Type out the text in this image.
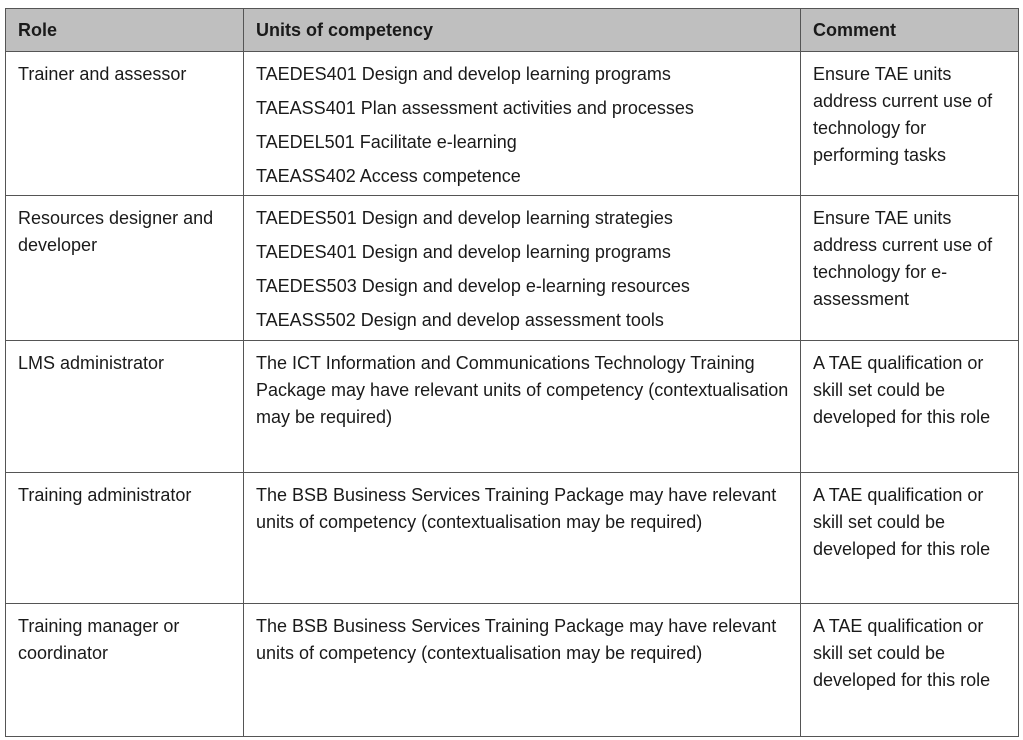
Role	Units of competency	Comment

Trainer and assessor	TAEDES401 Design and develop learning programs
TAEASS401 Plan assessment activities and processes
TAEDEL501 Facilitate e-learning
TAEASS402 Access competence	Ensure TAE units address current use of technology for performing tasks

Resources designer and developer	TAEDES501 Design and develop learning strategies
TAEDES401 Design and develop learning programs
TAEDES503 Design and develop e-learning resources
TAEASS502 Design and develop assessment tools	Ensure TAE units address current use of technology for e-assessment

LMS administrator	The ICT Information and Communications Technology Training Package may have relevant units of competency (contextualisation may be required)	A TAE qualification or skill set could be developed for this role

Training administrator	The BSB Business Services Training Package may have relevant units of competency (contextualisation may be required)	A TAE qualification or skill set could be developed for this role

Training manager or coordinator	The BSB Business Services Training Package may have relevant units of competency (contextualisation may be required)	A TAE qualification or skill set could be developed for this role
